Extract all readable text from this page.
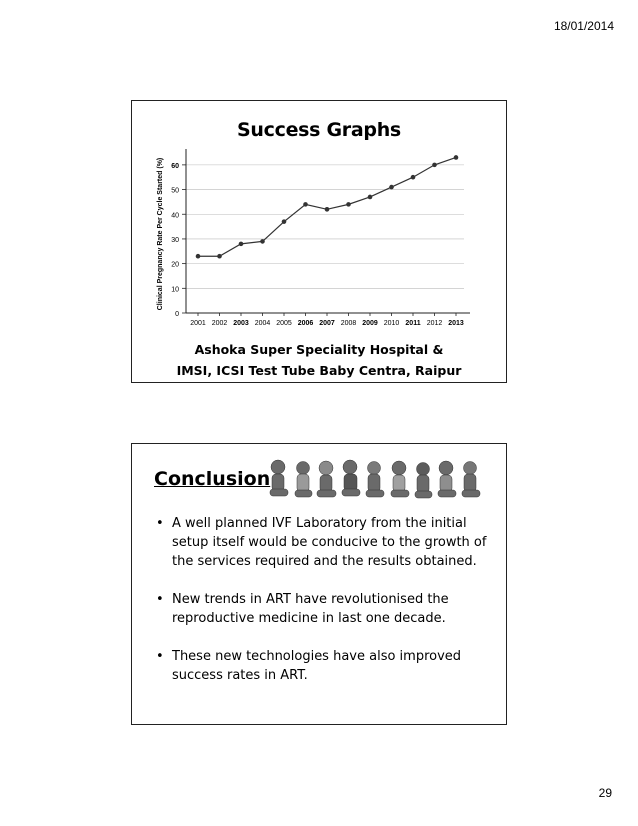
18/01/2014
Success Graphs
0
10
20
30
40
50
60
2001 2002 2003 2004 2005 2006 2007 2008 2009 2010 2011 2012 2013
Clinical Pregnancy Rate Per Cycle Started (%)
Ashoka Super Speciality Hospital &
IMSI, ICSI Test Tube Baby Centra, Raipur
Conclusion
• A well planned IVF Laboratory from the initial setup itself would be conducive to the growth of the services required and the results obtained.
• New trends in ART have revolutionised the reproductive medicine in last one decade.
• These new technologies have also improved success rates in ART.
29
